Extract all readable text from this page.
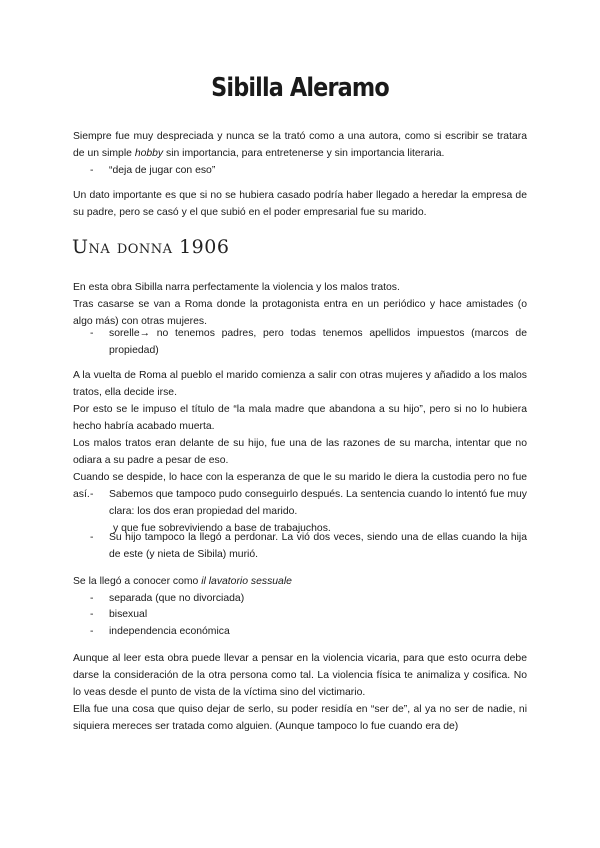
Sibilla Aleramo

Siempre fue muy despreciada y nunca se la trató como a una autora, como si escribir se tratara de un simple hobby sin importancia, para entretenerse y sin importancia literaria.

- “deja de jugar con eso”

Un dato importante es que si no se hubiera casado podría haber llegado a heredar la empresa de su padre, pero se casó y el que subió en el poder empresarial fue su marido.

Una donna 1906

En esta obra Sibilla narra perfectamente la violencia y los malos tratos.

Tras casarse se van a Roma donde la protagonista entra en un periódico y hace amistades (o algo más) con otras mujeres.

- sorelle→ no tenemos padres, pero todas tenemos apellidos impuestos (marcos de propiedad)

A la vuelta de Roma al pueblo el marido comienza a salir con otras mujeres y añadido a los malos tratos, ella decide irse.

Por esto se le impuso el título de “la mala madre que abandona a su hijo”, pero si no lo hubiera hecho habría acabado muerta.

Los malos tratos eran delante de su hijo, fue una de las razones de su marcha, intentar que no odiara a su padre a pesar de eso.

Cuando se despide, lo hace con la esperanza de que le su marido le diera la custodia pero no fue así. - Sabemos que tampoco pudo conseguirlo después. La sentencia cuando lo intentó fue muy clara: los dos eran propiedad del marido.

y que fue sobreviviendo a base de trabajuchos.

- Su hijo tampoco la llegó a perdonar. La vió dos veces, siendo una de ellas cuando la hija de este (y nieta de Sibila) murió.

Se la llegó a conocer como il lavatorio sessuale

- separada (que no divorciada)

- bisexual

- independencia económica

Aunque al leer esta obra puede llevar a pensar en la violencia vicaria, para que esto ocurra debe darse la consideración de la otra persona como tal. La violencia física te animaliza y cosifica. No lo veas desde el punto de vista de la víctima sino del victimario.

Ella fue una cosa que quiso dejar de serlo, su poder residía en “ser de”, al ya no ser de nadie, ni siquiera mereces ser tratada como alguien. (Aunque tampoco lo fue cuando era de)
